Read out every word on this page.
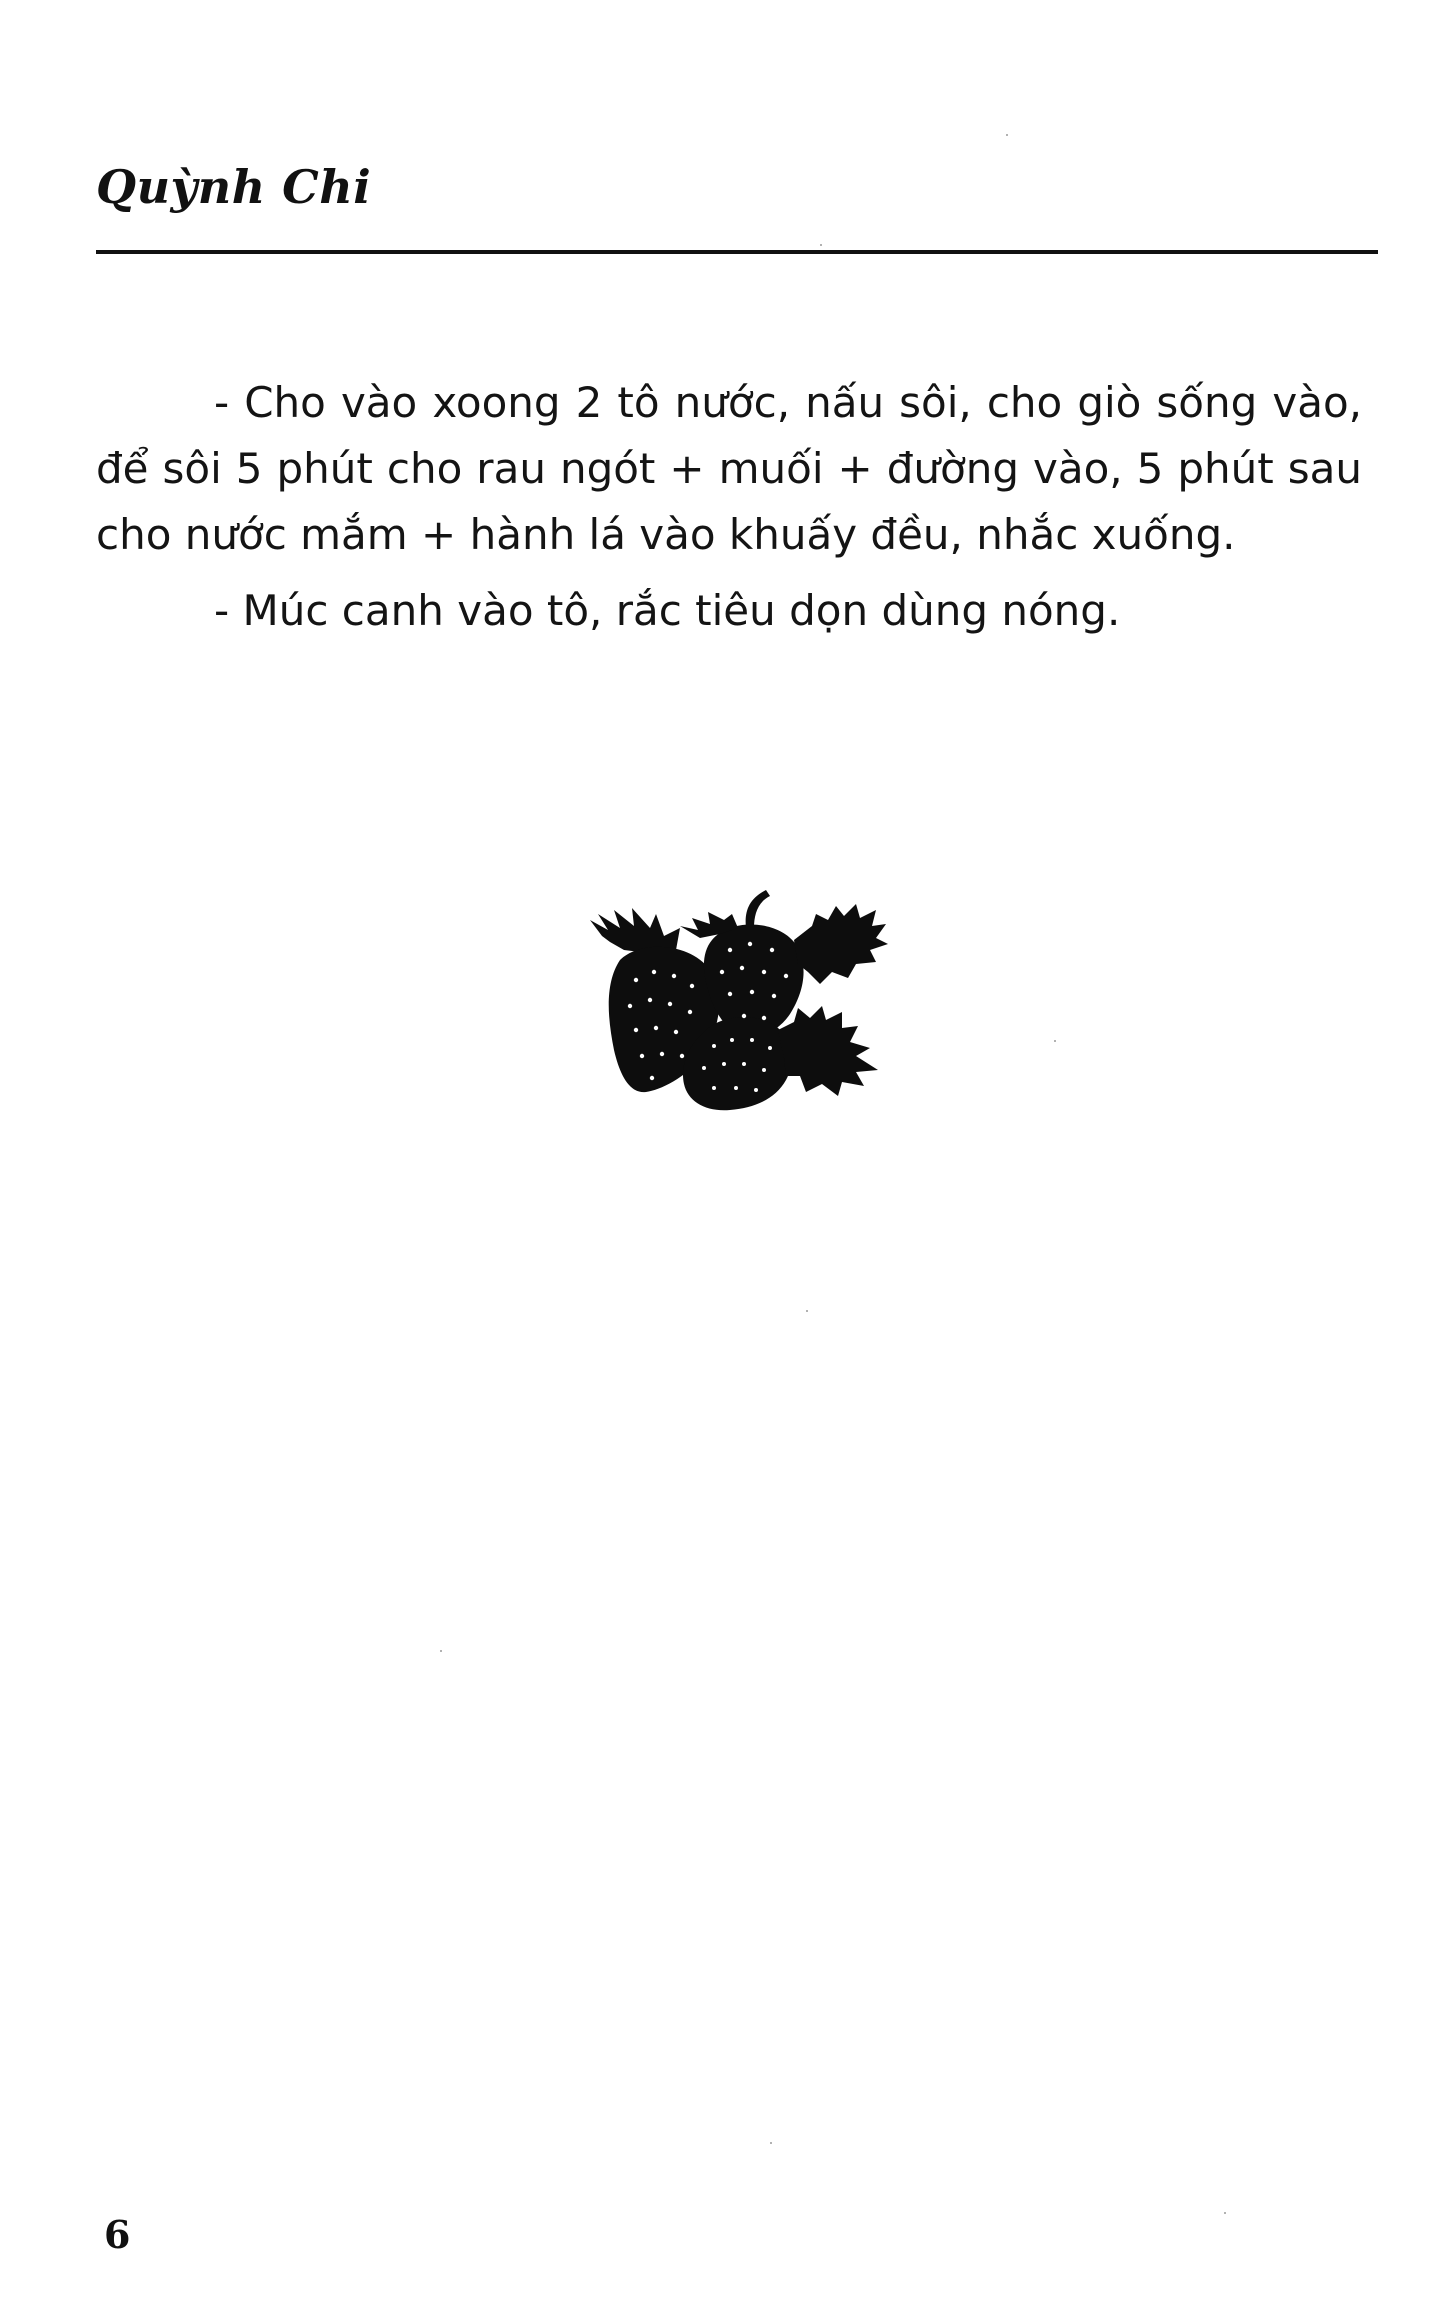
Quỳnh Chi

- Cho vào xoong 2 tô nước, nấu sôi, cho giò sống vào, để sôi 5 phút cho rau ngót + muối + đường vào, 5 phút sau cho nước mắm + hành lá vào khuấy đều, nhắc xuống.

- Múc canh vào tô, rắc tiêu dọn dùng nóng.

6
